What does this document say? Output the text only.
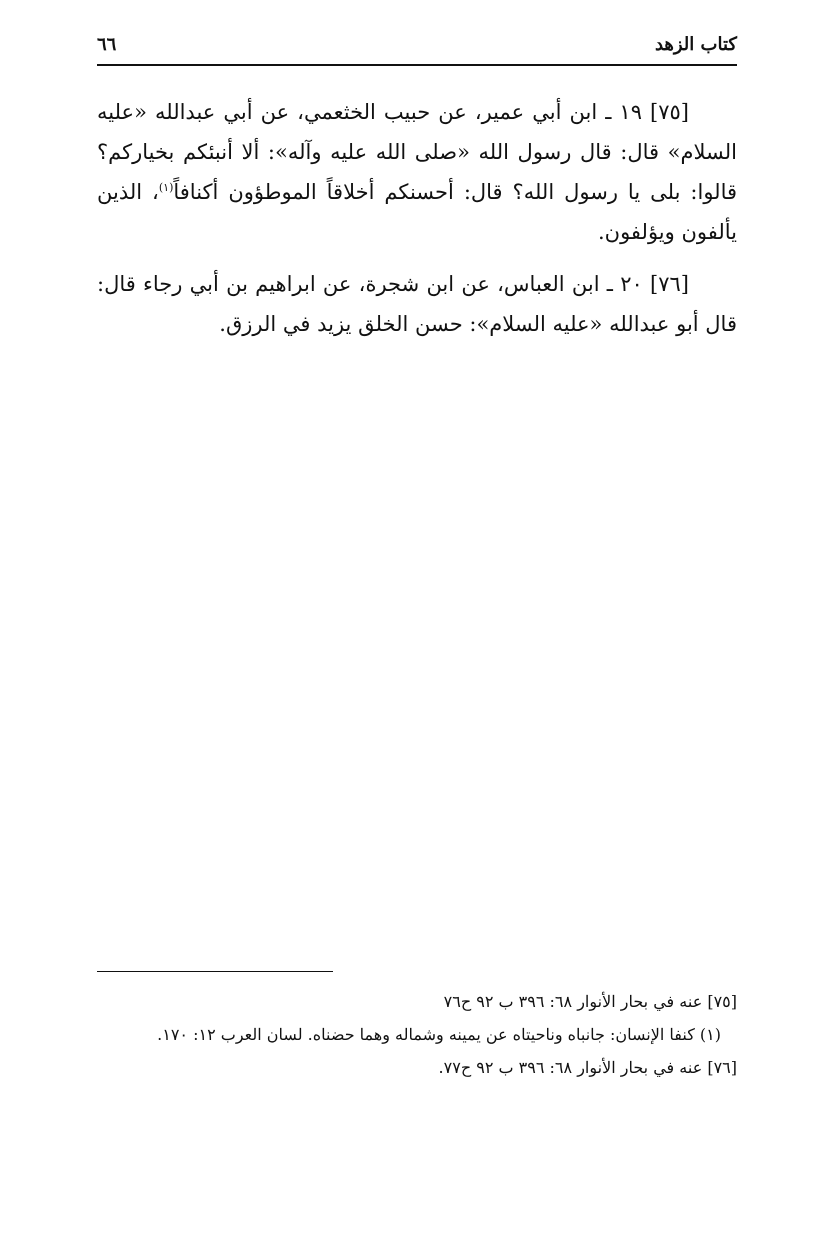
كتاب الزهد
٦٦

[٧٥] ١٩ ـ ابن أبي عمير، عن حبيب الخثعمي، عن أبي عبدالله «عليه السلام» قال: قال رسول الله «صلى الله عليه وآله»: ألا أنبئكم بخياركم؟ قالوا: بلى يا رسول الله؟ قال: أحسنكم أخلاقاً الموطؤون أكنافاً$^{(١)}$، الذين يألفون ويؤلفون.

[٧٦] ٢٠ ـ ابن العباس، عن ابن شجرة، عن ابراهيم بن أبي رجاء قال: قال أبو عبدالله «عليه السلام»: حسن الخلق يزيد في الرزق.

[٧٥] عنه في بحار الأنوار ٦٨: ٣٩٦ ب ٩٢ ح٧٦

(١) كنفا الإنسان: جانباه وناحيتاه عن يمينه وشماله وهما حضناه. لسان العرب ١٢: ١٧٠.

[٧٦] عنه في بحار الأنوار ٦٨: ٣٩٦ ب ٩٢ ح٧٧.
